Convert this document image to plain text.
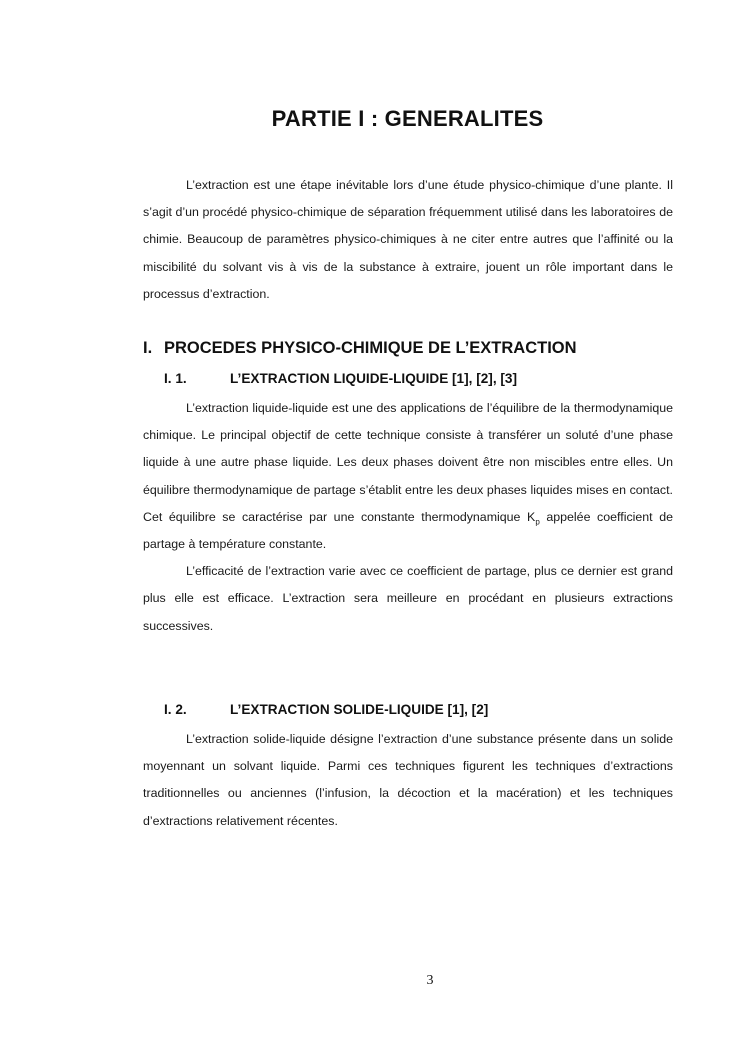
PARTIE I : GENERALITES

L’extraction est une étape inévitable lors d’une étude physico-chimique d’une plante. Il s’agit d’un procédé physico-chimique de séparation fréquemment utilisé dans les laboratoires de chimie. Beaucoup de paramètres physico-chimiques à ne citer entre autres que l’affinité ou la miscibilité du solvant vis à vis de la substance à extraire, jouent un rôle important dans le processus d’extraction.

I. PROCEDES PHYSICO-CHIMIQUE DE L’EXTRACTION
I. 1.	L’EXTRACTION LIQUIDE-LIQUIDE [1], [2], [3]

L’extraction liquide-liquide est une des applications de l’équilibre de la thermodynamique chimique. Le principal objectif de cette technique consiste à transférer un soluté d’une phase liquide à une autre phase liquide. Les deux phases doivent être non miscibles entre elles. Un équilibre thermodynamique de partage s’établit entre les deux phases liquides mises en contact. Cet équilibre se caractérise par une constante thermodynamique $K_p$ appelée coefficient de partage à température constante.

L’efficacité de l’extraction varie avec ce coefficient de partage, plus ce dernier est grand plus elle est efficace. L’extraction sera meilleure en procédant en plusieurs extractions successives.

I. 2.	L’EXTRACTION SOLIDE-LIQUIDE [1], [2]

L’extraction solide-liquide désigne l’extraction d’une substance présente dans un solide moyennant un solvant liquide. Parmi ces techniques figurent les techniques d’extractions traditionnelles ou anciennes (l’infusion, la décoction et la macération) et les techniques d’extractions relativement récentes.

3
